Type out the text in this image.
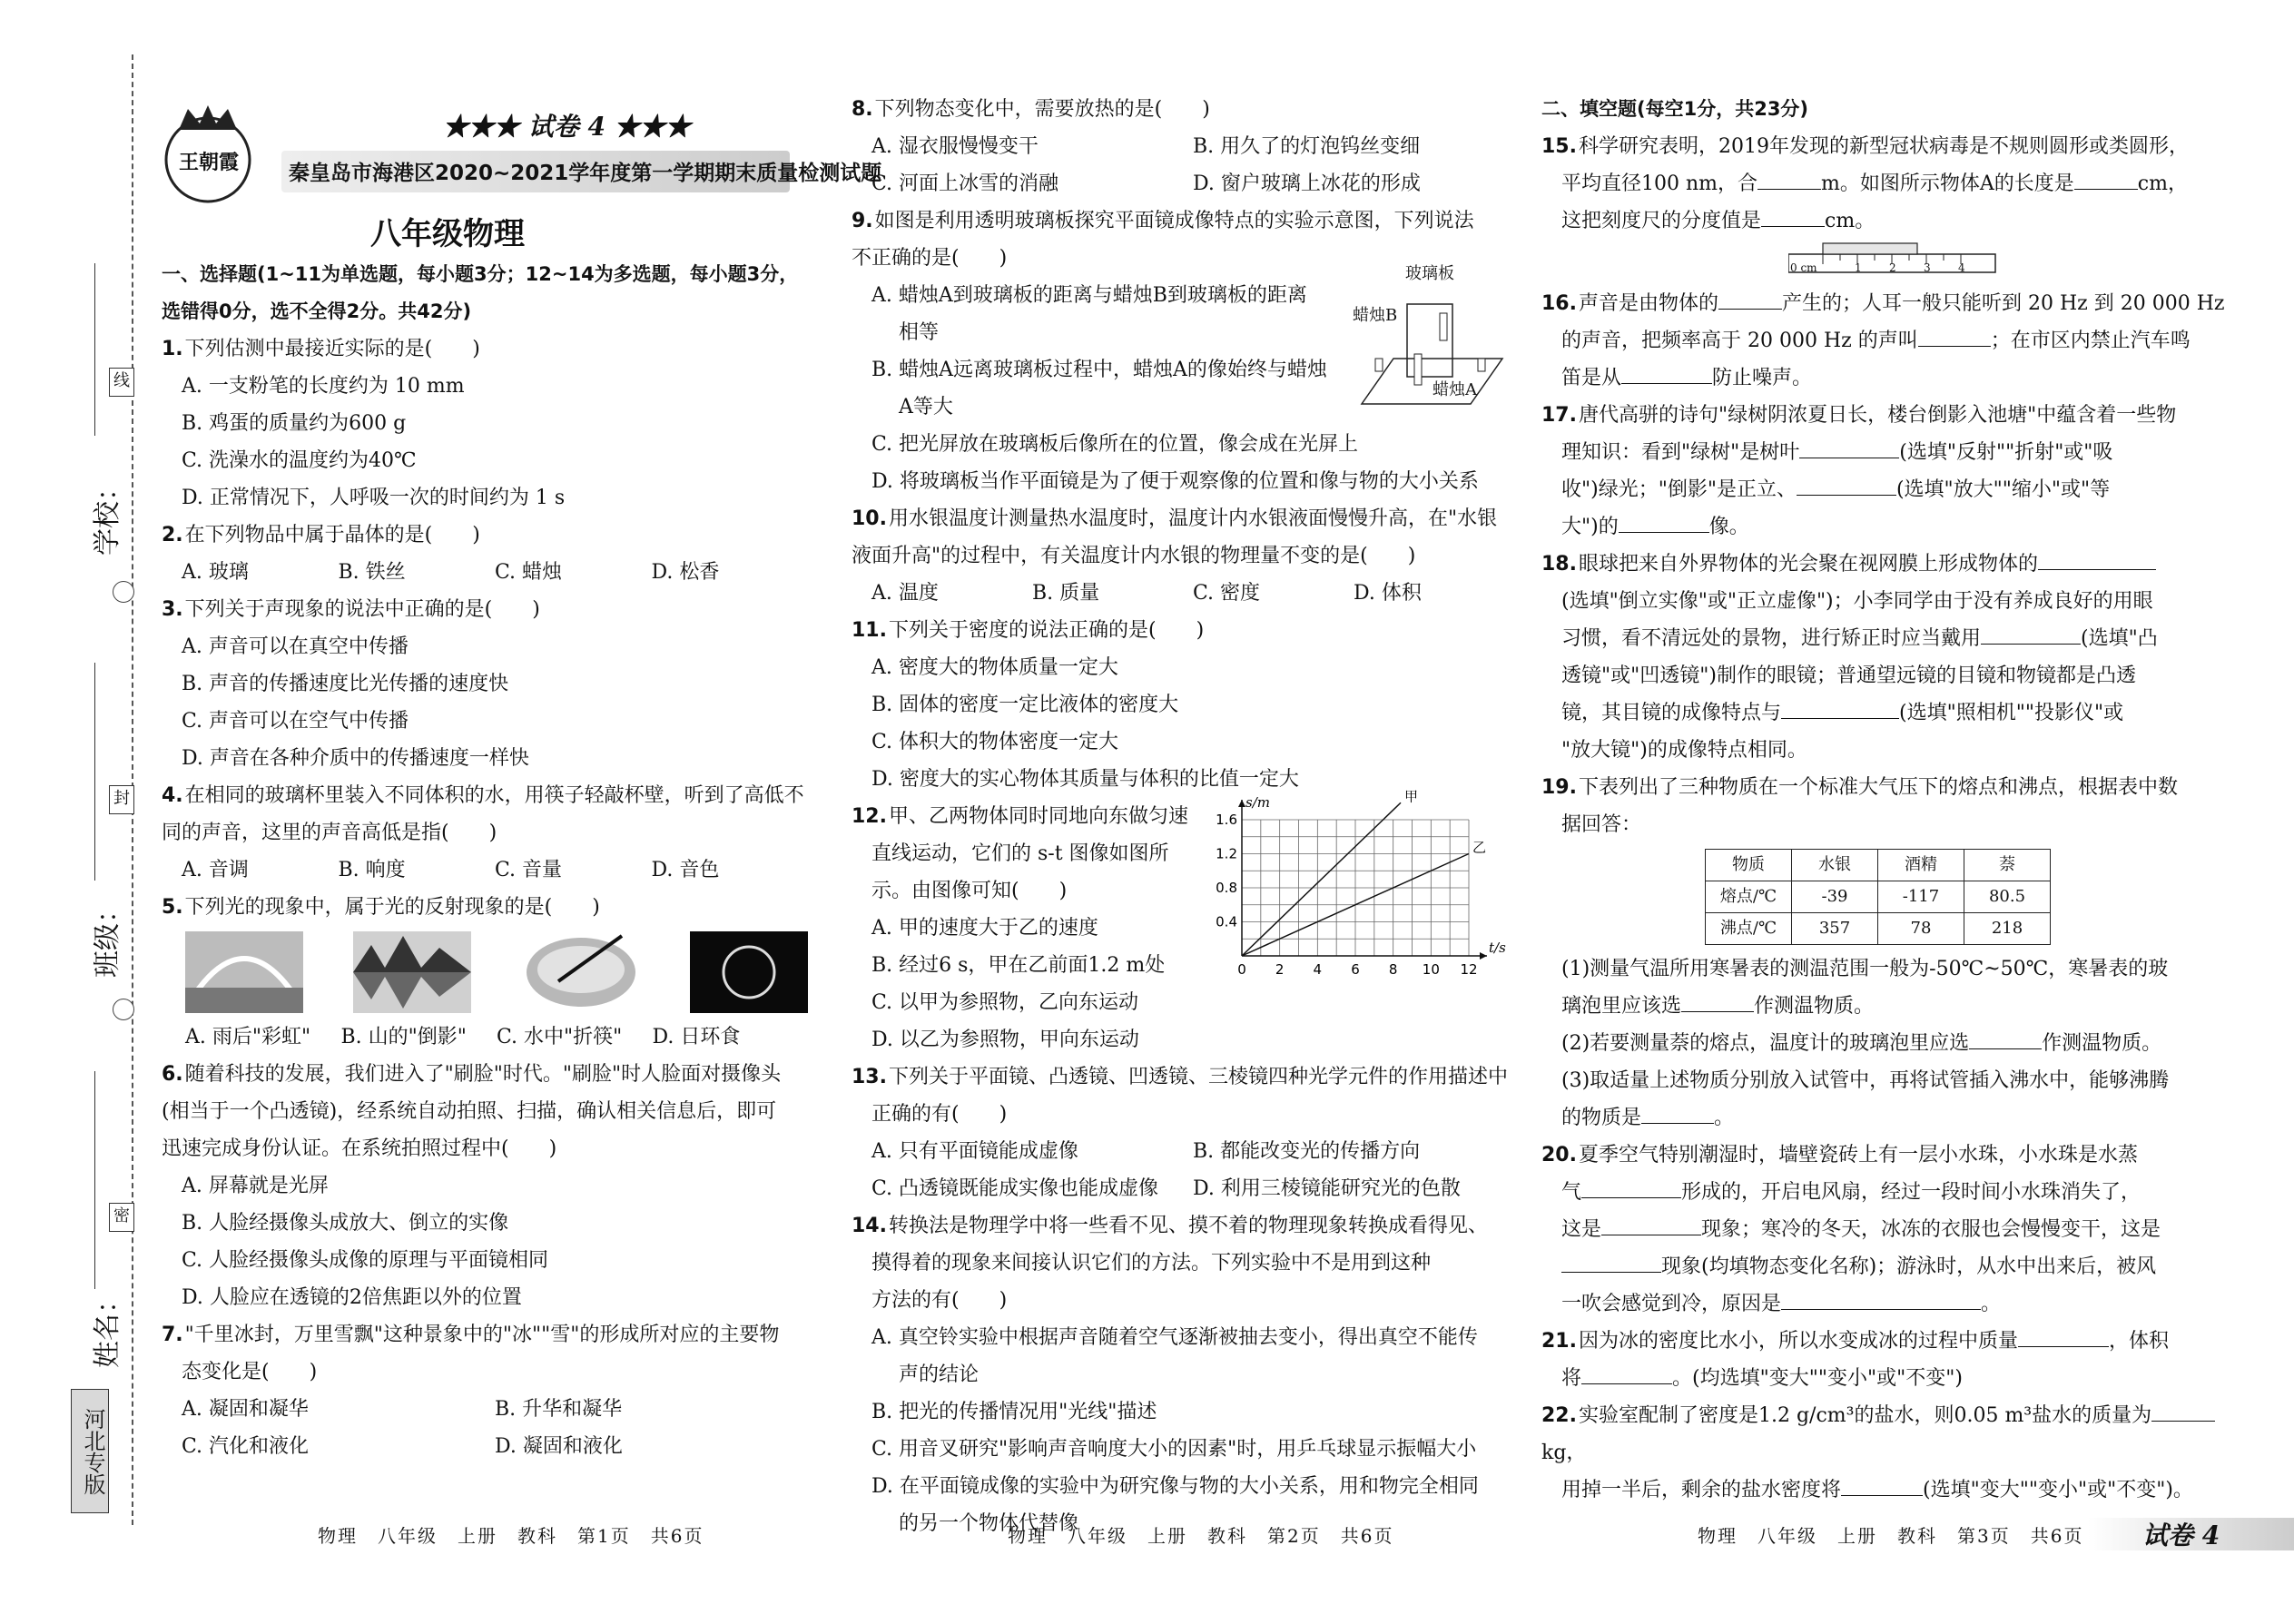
线
封
密
学校：
班级：
姓名：
河北专版
王朝霞
★★★ 试卷 4 ★★★
秦皇岛市海港区2020~2021学年度第一学期期末质量检测试题
八年级物理
一、选择题(1~11为单选题，每小题3分；12~14为多选题，每小题3分，选错得0分，选不全得2分。共42分)
1.下列估测中最接近实际的是(　　)
A. 一支粉笔的长度约为 10 mm
B. 鸡蛋的质量约为600 g
C. 洗澡水的温度约为40℃
D. 正常情况下，人呼吸一次的时间约为 1 s
2.在下列物品中属于晶体的是(　　)
A. 玻璃	B. 铁丝	C. 蜡烛	D. 松香
3.下列关于声现象的说法中正确的是(　　)
A. 声音可以在真空中传播
B. 声音的传播速度比光传播的速度快
C. 声音可以在空气中传播
D. 声音在各种介质中的传播速度一样快
4.在相同的玻璃杯里装入不同体积的水，用筷子轻敲杯壁，听到了高低不
同的声音，这里的声音高低是指(　　)
A. 音调	B. 响度	C. 音量	D. 音色
5.下列光的现象中，属于光的反射现象的是(　　)
A. 雨后"彩虹"	B. 山的"倒影"	C. 水中"折筷"	D. 日环食
6.随着科技的发展，我们进入了"刷脸"时代。"刷脸"时人脸面对摄像头
(相当于一个凸透镜)，经系统自动拍照、扫描，确认相关信息后，即可
迅速完成身份认证。在系统拍照过程中(　　)
A. 屏幕就是光屏
B. 人脸经摄像头成放大、倒立的实像
C. 人脸经摄像头成像的原理与平面镜相同
D. 人脸应在透镜的2倍焦距以外的位置
7."千里冰封，万里雪飘"这种景象中的"冰""雪"的形成所对应的主要物
态变化是(　　)
A. 凝固和凝华	B. 升华和凝华
C. 汽化和液化	D. 凝固和液化
8.下列物态变化中，需要放热的是(　　)
A. 湿衣服慢慢变干	B. 用久了的灯泡钨丝变细
C. 河面上冰雪的消融	D. 窗户玻璃上冰花的形成
9.如图是利用透明玻璃板探究平面镜成像特点的实验示意图，下列说法
不正确的是(　　)
A. 蜡烛A到玻璃板的距离与蜡烛B到玻璃板的距离
相等
B. 蜡烛A远离玻璃板过程中，蜡烛A的像始终与蜡烛
A等大
玻璃板
蜡烛B
蜡烛A
C. 把光屏放在玻璃板后像所在的位置，像会成在光屏上
D. 将玻璃板当作平面镜是为了便于观察像的位置和像与物的大小关系
10.用水银温度计测量热水温度时，温度计内水银液面慢慢升高，在"水银
液面升高"的过程中，有关温度计内水银的物理量不变的是(　　)
A. 温度	B. 质量	C. 密度	D. 体积
11.下列关于密度的说法正确的是(　　)
A. 密度大的物体质量一定大
B. 固体的密度一定比液体的密度大
C. 体积大的物体密度一定大
D. 密度大的实心物体其质量与体积的比值一定大
12.甲、乙两物体同时同地向东做匀速
直线运动，它们的 s-t 图像如图所
示。由图像可知(　　)
A. 甲的速度大于乙的速度
B. 经过6 s，甲在乙前面1.2 m处
C. 以甲为参照物，乙向东运动
D. 以乙为参照物，甲向东运动
0 2 4 6 8 10 12
0.4
0.8
1.2
1.6
t/s
s/m	甲
乙
13.下列关于平面镜、凸透镜、凹透镜、三棱镜四种光学元件的作用描述中
正确的有(　　)
A. 只有平面镜能成虚像	B. 都能改变光的传播方向
C. 凸透镜既能成实像也能成虚像	D. 利用三棱镜能研究光的色散
14.转换法是物理学中将一些看不见、摸不着的物理现象转换成看得见、
摸得着的现象来间接认识它们的方法。下列实验中不是用到这种
方法的有(　　)
A. 真空铃实验中根据声音随着空气逐渐被抽去变小，得出真空不能传
声的结论
B. 把光的传播情况用"光线"描述
C. 用音叉研究"影响声音响度大小的因素"时，用乒乓球显示振幅大小
D. 在平面镜成像的实验中为研究像与物的大小关系，用和物完全相同
的另一个物体代替像
二、填空题(每空1分，共23分)
15.科学研究表明，2019年发现的新型冠状病毒是不规则圆形或类圆形，
平均直径100 nm，合	m。如图所示物体A的长度是	cm，
这把刻度尺的分度值是	cm。
0 cm	1	2	3	4
16.声音是由物体的	产生的；人耳一般只能听到 20 Hz 到 20 000 Hz
的声音，把频率高于 20 000 Hz 的声叫	；在市区内禁止汽车鸣
笛是从	防止噪声。
17.唐代高骈的诗句"绿树阴浓夏日长，楼台倒影入池塘"中蕴含着一些物
理知识：看到"绿树"是树叶	(选填"反射""折射"或"吸
收")绿光；"倒影"是正立、	(选填"放大""缩小"或"等
大")的	像。
18.眼球把来自外界物体的光会聚在视网膜上形成物体的
(选填"倒立实像"或"正立虚像")；小李同学由于没有养成良好的用眼
习惯，看不清远处的景物，进行矫正时应当戴用	(选填"凸
透镜"或"凹透镜")制作的眼镜；普通望远镜的目镜和物镜都是凸透
镜，其目镜的成像特点与	(选填"照相机""投影仪"或
"放大镜")的成像特点相同。
19.下表列出了三种物质在一个标准大气压下的熔点和沸点，根据表中数
据回答：
物质	水银	酒精	萘
熔点/℃	-39	-117	80.5
沸点/℃	357	78	218
(1)测量气温所用寒暑表的测温范围一般为-50℃~50℃，寒暑表的玻
璃泡里应该选	作测温物质。
(2)若要测量萘的熔点，温度计的玻璃泡里应选	作测温物质。
(3)取适量上述物质分别放入试管中，再将试管插入沸水中，能够沸腾
的物质是	。
20.夏季空气特别潮湿时，墙壁瓷砖上有一层小水珠，小水珠是水蒸
气	形成的，开启电风扇，经过一段时间小水珠消失了，
这是	现象；寒冷的冬天，冰冻的衣服也会慢慢变干，这是
现象(均填物态变化名称)；游泳时，从水中出来后，被风
一吹会感觉到冷，原因是	。
21.因为冰的密度比水小，所以水变成冰的过程中质量	，体积
将	。(均选填"变大""变小"或"不变")
22.实验室配制了密度是1.2 g/cm³的盐水，则0.05 m³盐水的质量为kg，
用掉一半后，剩余的盐水密度将	(选填"变大""变小"或"不变")。
物理　八年级　上册　教科　第1页　共6页	物理　八年级　上册　教科　第2页　共6页	物理　八年级　上册　教科　第3页　共6页 试卷 4
